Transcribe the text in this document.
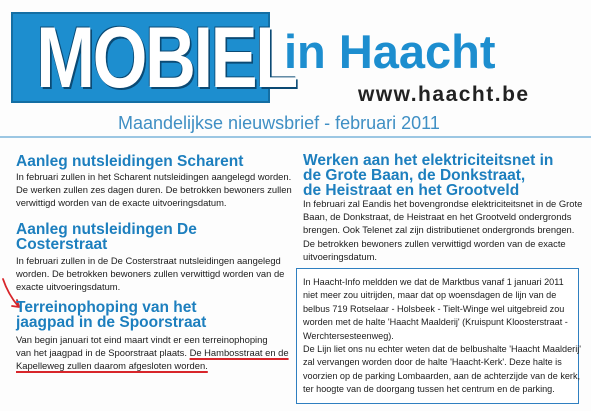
MOBIEL
in Haacht
www.haacht.be
Maandelijkse nieuwsbrief - februari 2011
Aanleg nutsleidingen Scharent
In februari zullen in het Scharent nutsleidingen aangelegd worden.
De werken zullen zes dagen duren. De betrokken bewoners zullen
verwittigd worden van de exacte uitvoeringsdatum.
Aanleg nutsleidingen De
Costerstraat
In februari zullen in de De Costerstraat nutsleidingen aangelegd
worden. De betrokken bewoners zullen verwittigd worden van de
exacte uitvoeringsdatum.
Terreinophoping van het
jaagpad in de Spoorstraat
Van begin januari tot eind maart vindt er een terreinophoping
van het jaagpad in de Spoorstraat plaats. De Hambosstraat en de
Kapelleweg zullen daarom afgesloten worden.
Werken aan het elektriciteitsnet in
de Grote Baan, de Donkstraat,
de Heistraat en het Grootveld
In februari zal Eandis het bovengrondse elektriciteitsnet in de Grote
Baan, de Donkstraat, de Heistraat en het Grootveld ondergronds
brengen. Ook Telenet zal zijn distributienet ondergronds brengen.
De betrokken bewoners zullen verwittigd worden van de exacte
uitvoeringsdatum.
In Haacht-Info meldden we dat de Marktbus vanaf 1 januari 2011
niet meer zou uitrijden, maar dat op woensdagen de lijn van de
belbus 719 Rotselaar - Holsbeek - Tielt-Winge wel uitgebreid zou
worden met de halte 'Haacht Maalderij' (Kruispunt Kloosterstraat -
Werchtersesteenweg).
De Lijn liet ons nu echter weten dat de belbushalte 'Haacht Maalderij'
zal vervangen worden door de halte 'Haacht-Kerk'. Deze halte is
voorzien op de parking Lombaarden, aan de achterzijde van de kerk,
ter hoogte van de doorgang tussen het centrum en de parking.
